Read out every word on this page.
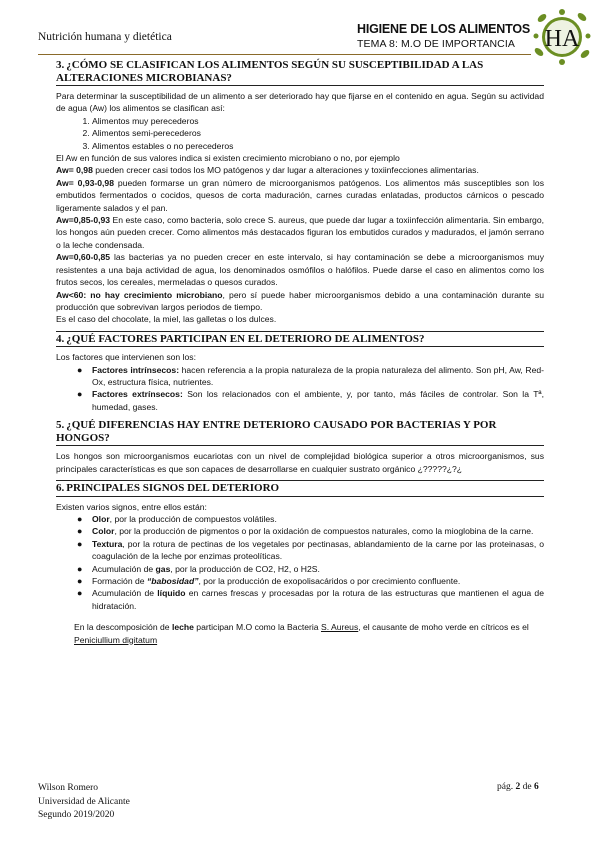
Nutrición humana y dietética
HIGIENE DE LOS ALIMENTOS
TEMA 8: M.O DE IMPORTANCIA HA
3. ¿CÓMO SE CLASIFICAN LOS ALIMENTOS SEGÚN SU SUSCEPTIBILIDAD A LAS ALTERACIONES MICROBIANAS?

Para determinar la susceptibilidad de un alimento a ser deteriorado hay que fijarse en el contenido en agua. Según su actividad de agua (Aw) los alimentos se clasifican así:

1. Alimentos muy perecederos
2. Alimentos semi-perecederos
3. Alimentos estables o no perecederos

El Aw en función de sus valores indica si existen crecimiento microbiano o no, por ejemplo

Aw= 0,98 pueden crecer casi todos los MO patógenos y dar lugar a alteraciones y toxiinfecciones alimentarias.

Aw= 0,93-0,98 pueden formarse un gran número de microorganismos patógenos. Los alimentos más susceptibles son los embutidos fermentados o cocidos, quesos de corta maduración, carnes curadas enlatadas, productos cárnicos o pescado ligeramente salados y el pan.

Aw=0,85-0,93 En este caso, como bacteria, solo crece S. aureus, que puede dar lugar a toxiinfección alimentaria. Sin embargo, los hongos aún pueden crecer. Como alimentos más destacados figuran los embutidos curados y madurados, el jamón serrano o la leche condensada.

Aw=0,60-0,85 las bacterias ya no pueden crecer en este intervalo, si hay contaminación se debe a microorganismos muy resistentes a una baja actividad de agua, los denominados osmófilos o halófilos. Puede darse el caso en alimentos como los frutos secos, los cereales, mermeladas o quesos curados.

Aw<60: no hay crecimiento microbiano, pero sí puede haber microorganismos debido a una contaminación durante su producción que sobrevivan largos periodos de tiempo.

Es el caso del chocolate, la miel, las galletas o los dulces.

4. ¿QUÉ FACTORES PARTICIPAN EN EL DETERIORO DE ALIMENTOS?

Los factores que intervienen son los:

● Factores intrínsecos: hacen referencia a la propia naturaleza de la propia naturaleza del alimento. Son pH, Aw, Red-Ox, estructura física, nutrientes.
● Factores extrínsecos: Son los relacionados con el ambiente, y, por tanto, más fáciles de controlar. Son la Tª, humedad, gases.
5. ¿QUÉ DIFERENCIAS HAY ENTRE DETERIORO CAUSADO POR BACTERIAS Y POR HONGOS?

Los hongos son microorganismos eucariotas con un nivel de complejidad biológica superior a otros microorganismos, sus principales características es que son capaces de desarrollarse en cualquier sustrato orgánico ¿?????¿?¿

6. PRINCIPALES SIGNOS DEL DETERIORO

Existen varios signos, entre ellos están:

● Olor, por la producción de compuestos volátiles.
● Color, por la producción de pigmentos o por la oxidación de compuestos naturales, como la mioglobina de la carne.
● Textura, por la rotura de pectinas de los vegetales por pectinasas, ablandamiento de la carne por las proteinasas, o coagulación de la leche por enzimas proteolíticas.
● Acumulación de gas, por la producción de CO2, H2, o H2S.
● Formación de “babosidad”, por la producción de exopolisacáridos o por crecimiento confluente.
● Acumulación de líquido en carnes frescas y procesadas por la rotura de las estructuras que mantienen el agua de hidratación.

En la descomposición de leche participan M.O como la Bacteria S. Aureus, el causante de moho verde en cítricos es el Peniciullium digitatum

Wilson Romero
Universidad de Alicante
Segundo 2019/2020
pág. 2 de 6
